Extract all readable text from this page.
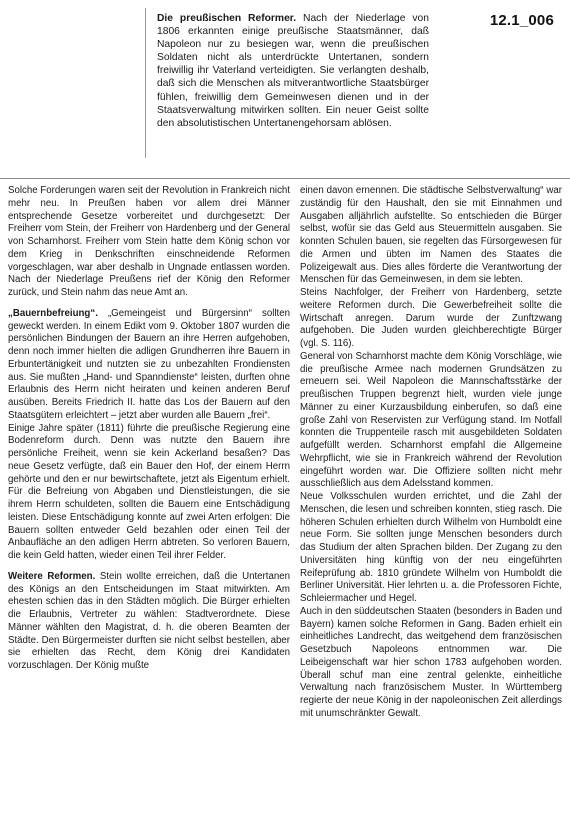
12.1_006
Die preußischen Reformer. Nach der Niederlage von 1806 erkannten einige preußische Staatsmänner, daß Napoleon nur zu besiegen war, wenn die preußischen Soldaten nicht als unterdrückte Untertanen, sondern freiwillig ihr Vaterland verteidigten. Sie verlangten deshalb, daß sich die Menschen als mitverantwortliche Staatsbürger fühlen, freiwillig dem Gemeinwesen dienen und in der Staatsverwaltung mitwirken sollten. Ein neuer Geist sollte den absolutistischen Untertanengehorsam ablösen.

Solche Forderungen waren seit der Revolution in Frankreich nicht mehr neu. In Preußen haben vor allem drei Männer entsprechende Gesetze vorbereitet und durchgesetzt: Der Freiherr vom Stein, der Freiherr von Hardenberg und der General von Scharnhorst. Freiherr vom Stein hatte dem König schon vor dem Krieg in Denkschriften einschneidende Reformen vorgeschlagen, war aber deshalb in Ungnade entlassen worden. Nach der Niederlage Preußens rief der König den Reformer zurück, und Stein nahm das neue Amt an.

„Bauernbefreiung“. „Gemeingeist und Bürgersinn“ sollten geweckt werden. In einem Edikt vom 9. Oktober 1807 wurden die persönlichen Bindungen der Bauern an ihre Herren aufgehoben, denn noch immer hielten die adligen Grundherren ihre Bauern in Erbuntertänigkeit und nutzten sie zu unbezahlten Frondiensten aus. Sie mußten „Hand- und Spanndienste“ leisten, durften ohne Erlaubnis des Herrn nicht heiraten und keinen anderen Beruf ausüben. Bereits Friedrich II. hatte das Los der Bauern auf den Staatsgütern erleichtert – jetzt aber wurden alle Bauern „frei“.

Einige Jahre später (1811) führte die preußische Regierung eine Bodenreform durch. Denn was nutzte den Bauern ihre persönliche Freiheit, wenn sie kein Ackerland besaßen? Das neue Gesetz verfügte, daß ein Bauer den Hof, der einem Herrn gehörte und den er nur bewirtschaftete, jetzt als Eigentum erhielt. Für die Befreiung von Abgaben und Dienstleistungen, die sie ihrem Herrn schuldeten, sollten die Bauern eine Entschädigung leisten. Diese Entschädigung konnte auf zwei Arten erfolgen: Die Bauern sollten entweder Geld bezahlen oder einen Teil der Anbaufläche an den adligen Herrn abtreten. So verloren Bauern, die kein Geld hatten, wieder einen Teil ihrer Felder.

Weitere Reformen. Stein wollte erreichen, daß die Untertanen des Königs an den Entscheidungen im Staat mitwirkten. Am ehesten schien das in den Städten möglich. Die Bürger erhielten die Erlaubnis, Vertreter zu wählen: Stadtverordnete. Diese Männer wählten den Magistrat, d. h. die oberen Beamten der Städte. Den Bürgermeister durften sie nicht selbst bestellen, aber sie erhielten das Recht, dem König drei Kandidaten vorzuschlagen. Der König mußte

einen davon ernennen. Die städtische Selbstverwaltung“ war zuständig für den Haushalt, den sie mit Einnahmen und Ausgaben alljährlich aufstellte. So entschieden die Bürger selbst, wofür sie das Geld aus Steuermitteln ausgaben. Sie konnten Schulen bauen, sie regelten das Fürsorgewesen für die Armen und übten im Namen des Staates die Polizeigewalt aus. Dies alles förderte die Verantwortung der Menschen für das Gemeinwesen, in dem sie lebten.

Steins Nachfolger, der Freiherr von Hardenberg, setzte weitere Reformen durch. Die Gewerbefreiheit sollte die Wirtschaft anregen. Darum wurde der Zunftzwang aufgehoben. Die Juden wurden gleichberechtigte Bürger (vgl. S. 116).

General von Scharnhorst machte dem König Vorschläge, wie die preußische Armee nach modernen Grundsätzen zu erneuern sei. Weil Napoleon die Mannschaftsstärke der preußischen Truppen begrenzt hielt, wurden viele junge Männer zu einer Kurzausbildung einberufen, so daß eine große Zahl von Reservisten zur Verfügung stand. Im Notfall konnten die Truppenteile rasch mit ausgebildeten Soldaten aufgefüllt werden. Scharnhorst empfahl die Allgemeine Wehrpflicht, wie sie in Frankreich während der Revolution eingeführt worden war. Die Offiziere sollten nicht mehr ausschließlich aus dem Adelsstand kommen.

Neue Volksschulen wurden errichtet, und die Zahl der Menschen, die lesen und schreiben konnten, stieg rasch. Die höheren Schulen erhielten durch Wilhelm von Humboldt eine neue Form. Sie sollten junge Menschen besonders durch das Studium der alten Sprachen bilden. Der Zugang zu den Universitäten hing künftig von der neu eingeführten Reifeprüfung ab. 1810 gründete Wilhelm von Humboldt die Berliner Universität. Hier lehrten u. a. die Professoren Fichte, Schleiermacher und Hegel.

Auch in den süddeutschen Staaten (besonders in Baden und Bayern) kamen solche Reformen in Gang. Baden erhielt ein einheitliches Landrecht, das weitgehend dem französischen Gesetzbuch Napoleons entnommen war. Die Leibeigenschaft war hier schon 1783 aufgehoben worden. Überall schuf man eine zentral gelenkte, einheitliche Verwaltung nach französischem Muster. In Württemberg regierte der neue König in der napoleonischen Zeit allerdings mit unumschränkter Gewalt.
